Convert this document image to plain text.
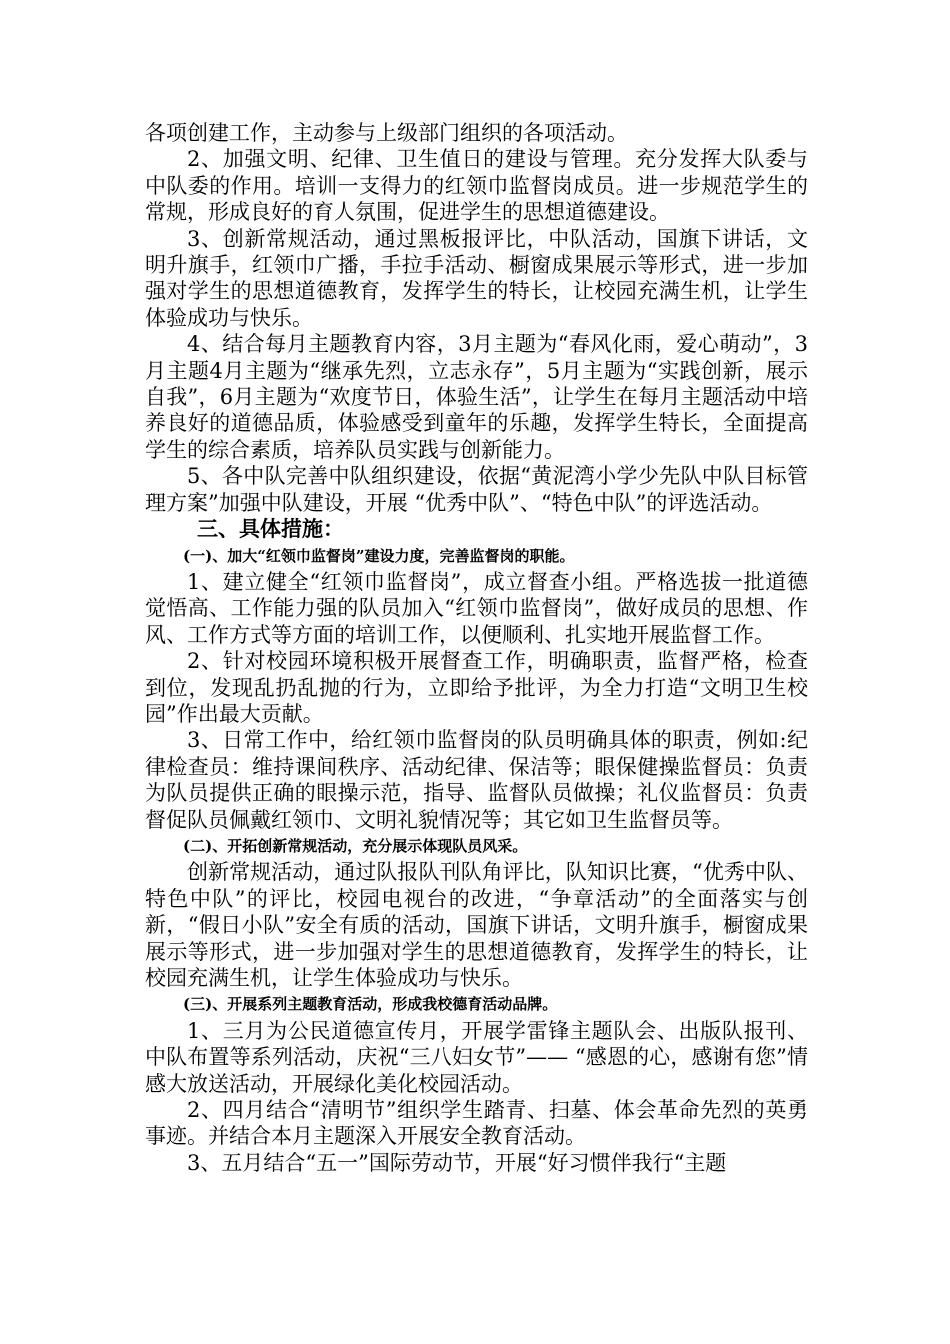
各项创建工作，主动参与上级部门组织的各项活动。

2、加强文明、纪律、卫生值日的建设与管理。充分发挥大队委与中队委的作用。培训一支得力的红领巾监督岗成员。进一步规范学生的常规，形成良好的育人氛围，促进学生的思想道德建设。

3、创新常规活动，通过黑板报评比，中队活动，国旗下讲话，文明升旗手，红领巾广播，手拉手活动、橱窗成果展示等形式，进一步加强对学生的思想道德教育，发挥学生的特长，让校园充满生机，让学生体验成功与快乐。

4、结合每月主题教育内容，3月主题为“春风化雨，爱心萌动”，3月主题4月主题为“继承先烈，立志永存”，5月主题为“实践创新，展示自我”，6月主题为“欢度节日，体验生活”，让学生在每月主题活动中培养良好的道德品质，体验感受到童年的乐趣，发挥学生特长，全面提高学生的综合素质，培养队员实践与创新能力。

5、各中队完善中队组织建设，依据“黄泥湾小学少先队中队目标管理方案”加强中队建设，开展 “优秀中队”、“特色中队”的评选活动。

三、具体措施：

(一)、加大“红领巾监督岗”建设力度，完善监督岗的职能。

1、建立健全“红领巾监督岗”，成立督查小组。严格选拔一批道德觉悟高、工作能力强的队员加入“红领巾监督岗”，做好成员的思想、作风、工作方式等方面的培训工作，以便顺利、扎实地开展监督工作。

2、针对校园环境积极开展督查工作，明确职责，监督严格，检查到位，发现乱扔乱抛的行为，立即给予批评，为全力打造“文明卫生校园”作出最大贡献。

3、日常工作中，给红领巾监督岗的队员明确具体的职责，例如:纪律检查员：维持课间秩序、活动纪律、保洁等；眼保健操监督员：负责为队员提供正确的眼操示范，指导、监督队员做操；礼仪监督员：负责督促队员佩戴红领巾、文明礼貌情况等；其它如卫生监督员等。

(二)、开拓创新常规活动，充分展示体现队员风采。

创新常规活动，通过队报队刊队角评比，队知识比赛，“优秀中队、特色中队”的评比，校园电视台的改进，“争章活动”的全面落实与创新，“假日小队”安全有质的活动，国旗下讲话，文明升旗手，橱窗成果展示等形式，进一步加强对学生的思想道德教育，发挥学生的特长，让校园充满生机，让学生体验成功与快乐。

(三)、开展系列主题教育活动，形成我校德育活动品牌。

1、三月为公民道德宣传月，开展学雷锋主题队会、出版队报刊、中队布置等系列活动，庆祝“三八妇女节”—— “感恩的心，感谢有您”情感大放送活动，开展绿化美化校园活动。

2、四月结合“清明节”组织学生踏青、扫墓、体会革命先烈的英勇事迹。并结合本月主题深入开展安全教育活动。

3、五月结合“五一”国际劳动节，开展“好习惯伴我行“主题
